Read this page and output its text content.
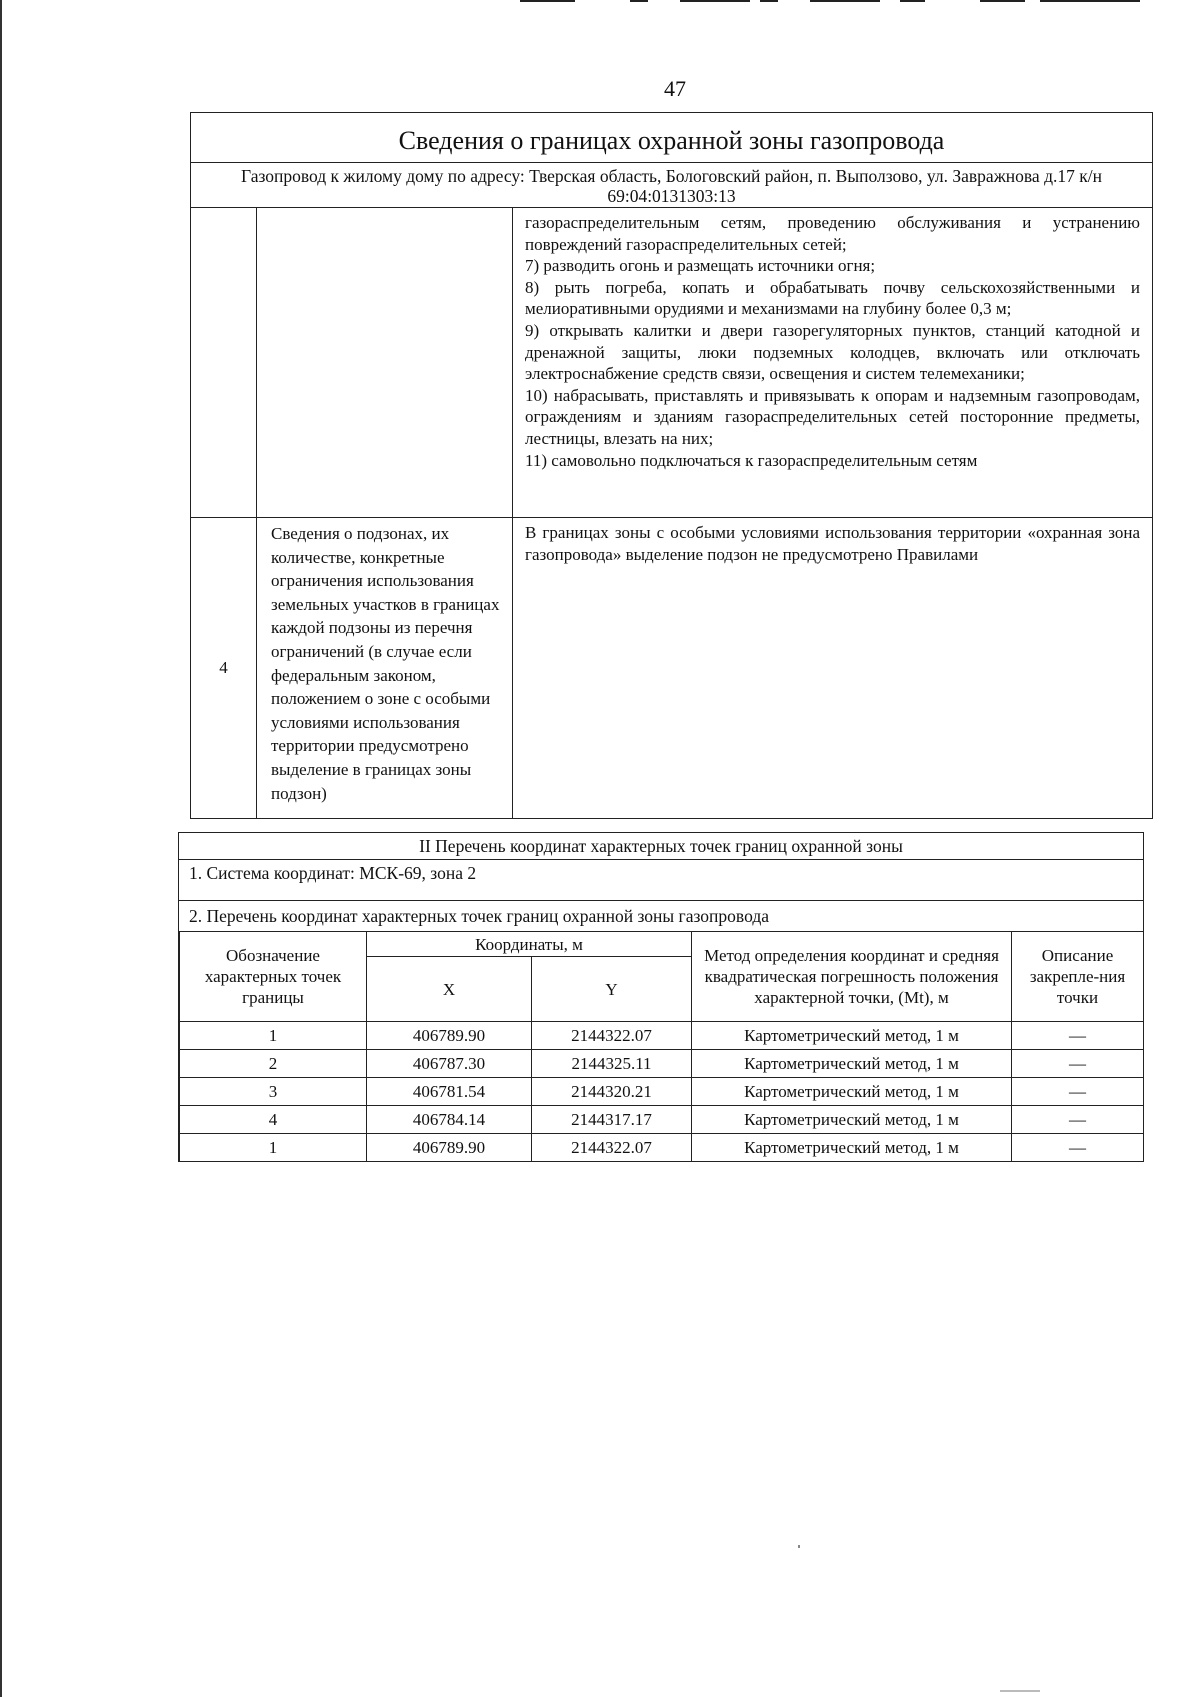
47
Сведения о границах охранной зоны газопровода
Газопровод к жилому дому по адресу: Тверская область, Бологовский район, п. Выползово, ул. Завражнова д.17 к/н 69:04:0131303:13

газораспределительным сетям, проведению обслуживания и устранению повреждений газораспределительных сетей;

7) разводить огонь и размещать источники огня;

8) рыть погреба, копать и обрабатывать почву сельскохозяйственными и мелиоративными орудиями и механизмами на глубину более 0,3 м;

9) открывать калитки и двери газорегуляторных пунктов, станций катодной и дренажной защиты, люки подземных колодцев, включать или отключать электроснабжение средств связи, освещения и систем телемеханики;

10) набрасывать, приставлять и привязывать к опорам и надземным газопроводам, ограждениям и зданиям газораспределительных сетей посторонние предметы, лестницы, влезать на них;

11) самовольно подключаться к газораспределительным сетям

4
Сведения о подзонах, их количестве, конкретные ограничения использования земельных участков в границах каждой подзоны из перечня ограничений (в случае если федеральным законом, положением о зоне с особыми условиями использования территории предусмотрено выделение в границах зоны подзон)
В границах зоны с особыми условиями использования территории «охранная зона газопровода» выделение подзон не предусмотрено Правилами
II Перечень координат характерных точек границ охранной зоны
1. Система координат: МСК-69, зона 2
2. Перечень координат характерных точек границ охранной зоны газопровода
Обозначение характерных точек границы	Координаты, м		Метод определения координат и средняя квадратическая погрешность положения характерной точки, (Mt), м	Описание закрепле-ния точки
	X	Y		
1	406789.90	2144322.07	Картометрический метод, 1 м	—
2	406787.30	2144325.11	Картометрический метод, 1 м	—
3	406781.54	2144320.21	Картометрический метод, 1 м	—
4	406784.14	2144317.17	Картометрический метод, 1 м	—
1	406789.90	2144322.07	Картометрический метод, 1 м	—
